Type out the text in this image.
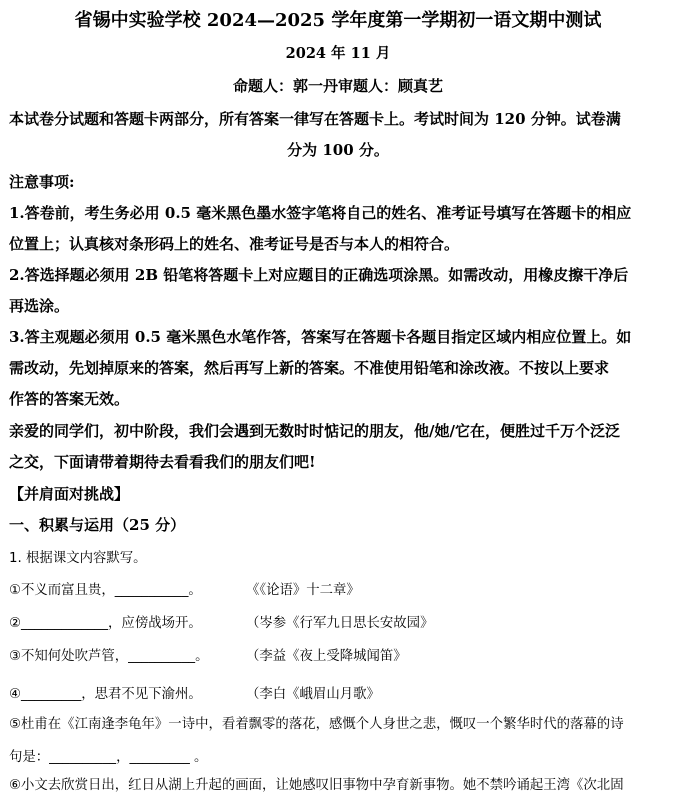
省锡中实验学校 2024—2025 学年度第一学期初一语文期中测试
2024 年 11 月
命题人：郭一丹审题人：顾真艺
本试卷分试题和答题卡两部分，所有答案一律写在答题卡上。考试时间为 120 分钟。试卷满
分为 100 分。
注意事项:
1.答卷前，考生务必用 0.5 毫米黑色墨水签字笔将自己的姓名、准考证号填写在答题卡的相应
位置上；认真核对条形码上的姓名、准考证号是否与本人的相符合。
2.答选择题必须用 2B 铅笔将答题卡上对应题目的正确选项涂黑。如需改动，用橡皮擦干净后
再选涂。
3.答主观题必须用 0.5 毫米黑色水笔作答，答案写在答题卡各题目指定区域内相应位置上。如
需改动，先划掉原来的答案，然后再写上新的答案。不准使用铅笔和涂改液。不按以上要求
作答的答案无效。
亲爱的同学们，初中阶段，我们会遇到无数时时惦记的朋友，他/她/它在，便胜过千万个泛泛
之交，下面请带着期待去看看我们的朋友们吧!
【并肩面对挑战】
一、积累与运用（25 分）
1. 根据课文内容默写。
①不义而富且贵，___________。	《《论语》十二章》
②_____________，应傍战场开。	（岑参《行军九日思长安故园》
③不知何处吹芦管，__________。	（李益《夜上受降城闻笛》
④_________，思君不见下渝州。	（李白《峨眉山月歌》
⑤杜甫在《江南逢李龟年》一诗中，看着飘零的落花，感慨个人身世之悲，慨叹一个繁华时代的落幕的诗
句是：__________，_________ 。
⑥小文去欣赏日出，红日从湖上升起的画面，让她感叹旧事物中孕育新事物。她不禁吟诵起王湾《次北固
